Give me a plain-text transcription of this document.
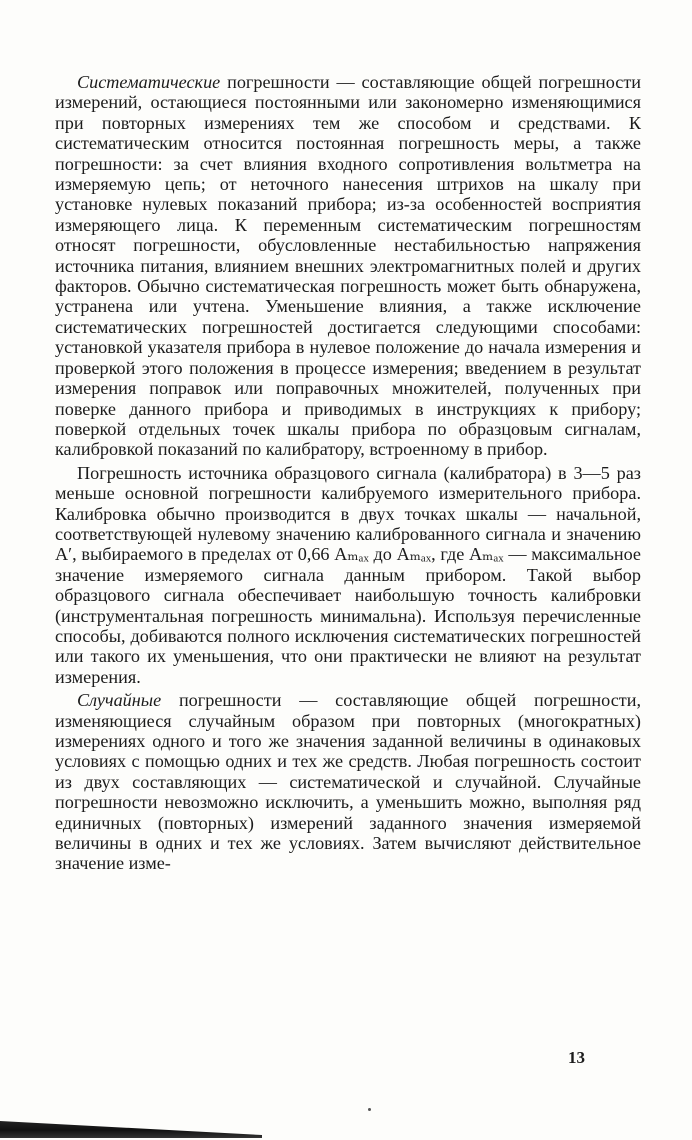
Систематические погрешности — составляющие общей погрешности измерений, остающиеся постоянными или закономерно изменяющимися при повторных измерениях тем же способом и средствами. К систематическим относится постоянная погрешность меры, а также погрешности: за счет влияния входного сопротивления вольтметра на измеряемую цепь; от неточного нанесения штрихов на шкалу при установке нулевых показаний прибора; из-за особенностей восприятия измеряющего лица. К переменным систематическим погрешностям относят погрешности, обусловленные нестабильностью напряжения источника питания, влиянием внешних электромагнитных полей и других факторов. Обычно систематическая погрешность может быть обнаружена, устранена или учтена. Уменьшение влияния, а также исключение систематических погрешностей достигается следующими способами: установкой указателя прибора в нулевое положение до начала измерения и проверкой этого положения в процессе измерения; введением в результат измерения поправок или поправочных множителей, полученных при поверке данного прибора и приводимых в инструкциях к прибору; поверкой отдельных точек шкалы прибора по образцовым сигналам, калибровкой показаний по калибратору, встроенному в прибор.

Погрешность источника образцового сигнала (калибратора) в 3—5 раз меньше основной погрешности калибруемого измерительного прибора. Калибровка обычно производится в двух точках шкалы — начальной, соответствующей нулевому значению калиброванного сигнала и значению A′, выбираемого в пределах от 0,66 Aₘₐₓ до Aₘₐₓ, где Aₘₐₓ — максимальное значение измеряемого сигнала данным прибором. Такой выбор образцового сигнала обеспечивает наибольшую точность калибровки (инструментальная погрешность минимальна). Используя перечисленные способы, добиваются полного исключения систематических погрешностей или такого их уменьшения, что они практически не влияют на результат измерения.

Случайные погрешности — составляющие общей погрешности, изменяющиеся случайным образом при повторных (многократных) измерениях одного и того же значения заданной величины в одинаковых условиях с помощью одних и тех же средств. Любая погрешность состоит из двух составляющих — систематической и случайной. Случайные погрешности невозможно исключить, а уменьшить можно, выполняя ряд единичных (повторных) измерений заданного значения измеряемой величины в одних и тех же условиях. Затем вычисляют действительное значение изме-

13
